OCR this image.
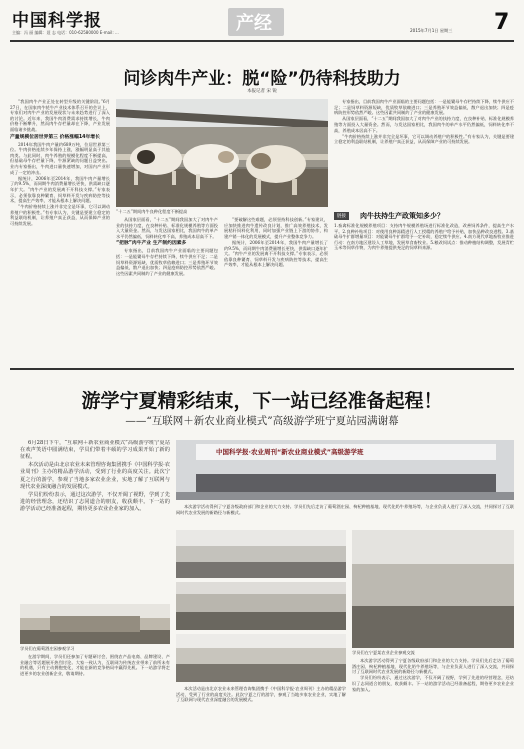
中国科学报
主编：冯 丽 编辑：聂 志 电话：010-62580000 E-mail: ...	产经	2015年7月1日 星期三 7
问诊肉牛产业：脱“险”仍待科技助力
本报记者 宋 锐

“我国肉牛产业正处在转型升级的关键阶段。”6月27日，在国家肉牛牦牛产业技术体系召开的会议上，专家们对肉牛产业的发展现状与未来趋势进行了深入的讨论。近年来，我国牛肉消费需求持续增长，牛肉价格不断攀升，然而肉牛存栏量却在下降，产业发展面临诸多挑战。

产量规模位居世界第三 价格涨幅14年增长

2014年我国牛肉产量约689万吨，位居世界第三位。牛肉价格连续多年保持上涨，涨幅明显高于其他肉类。与此同时，肉牛养殖的规模化程度不断提高，但基础母牛存栏量下降，牛源紧缺的问题日益突出。业内专家指出，牛肉进口量快速增加，对国内产业形成了一定的冲击。

据统计，2006年至2014年，我国牛肉产量增长了约9.5%，而同期牛肉消费量增长更快，供需缺口逐年扩大。“肉牛产业的发展离不开科技支撑。”专家表示，必须依靠良种繁育、饲草料开发与疾病防控等技术，提高生产效率，才能从根本上解决问题。

“牛肉价格持续上涨并非完全是坏事，它可以调动养殖户的积极性。”有专家认为，关键是要建立稳定的利益联结机制，让养殖户真正获益，从而保障产业的可持续发展。

“十二五”期间肉牛良种化程度不断提高

从国家层面看，“十二五”期间我国加大了对肉牛产业的扶持力度，在良种补贴、标准化规模养殖等方面投入大量资金。然而，与发达国家相比，我国肉牛的单产水平仍然偏低，饲料转化率不高，养殖成本居高不下。

“把脉”肉牛产业 生产制约因素多

专家指出，目前我国肉牛产业面临的主要问题包括：一是能繁母牛存栏持续下降，犊牛供应不足；二是饲草料资源短缺，优质牧草依赖进口；三是养殖环节效益偏低，散户退出加快；四是疫病防控形势依然严峻。这些因素共同制约了产业的健康发展。

“要破解这些难题，必须坚持科技创新。”专家建议，应加快推进肉牛遗传改良计划，推广高效养殖技术，发展秸秆饲料化利用，同时加强产业链上下游的协作，构建产销一体化的发展模式，提升产业整体竞争力。

据统计，2006年至2014年，我国牛肉产量增长了约9.5%，而同期牛肉消费量增长更快，供需缺口逐年扩大。“肉牛产业的发展离不开科技支撑。”专家表示，必须依靠良种繁育、饲草料开发与疾病防控等技术，提高生产效率，才能从根本上解决问题。

专家指出，目前我国肉牛产业面临的主要问题包括：一是能繁母牛存栏持续下降，犊牛供应不足；二是饲草料资源短缺，优质牧草依赖进口；三是养殖环节效益偏低，散户退出加快；四是疫病防控形势依然严峻。这些因素共同制约了产业的健康发展。

从国家层面看，“十二五”期间我国加大了对肉牛产业的扶持力度，在良种补贴、标准化规模养殖等方面投入大量资金。然而，与发达国家相比，我国肉牛的单产水平仍然偏低，饲料转化率不高，养殖成本居高不下。

“牛肉价格持续上涨并非完全是坏事，它可以调动养殖户的积极性。”有专家认为，关键是要建立稳定的利益联结机制，让养殖户真正获益，从而保障产业的可持续发展。

链接	肉牛扶持生产政策知多少？
1.畜禽标准化规模养殖项目：支持肉牛规模养殖场进行标准化改造，改善饲养条件，提高生产水平。2.良种补贴项目：对使用良种冻精进行人工授精的养殖户给予补贴，加快品种改良进程。3.基础母牛扩群增量项目：对能繁母牛扩群给予一定补助，稳定犊牛供应。4.南方现代草地畜牧业推进行动：在南方地区建设人工草地，发展草食畜牧业。5.粮改饲试点：推动种植结构调整，发展青贮玉米等饲草作物，为肉牛养殖提供充足的饲草料来源。
游学宁夏精彩结束，下一站已经准备起程！
——“互联网＋新农业商业模式”高级游学班宁夏站园满谢幕

6月28日下午，“互联网＋新农业商业模式”高级游学班宁夏站在欢声笑语中圆满结束，学员们带着丰硕的学习成果开始了新的征程。

本次活动是由北京农业未来管理咨询集团携手《中国科学报·农业周刊》主办的精品游学活动，受到了行业的高度关注。此次宁夏之行的游学，参观了当地多家农业企业，实地了解了互联网与现代农业深度融合的发展模式。

学员们纷纷表示，通过这次游学，不仅开阔了视野，学到了先进的经营理念，还结识了志同道合的朋友，收获颇丰。下一站的游学活动已经准备起程，期待更多农业企业家的加入。

中国科学报·农业周刊“新农业商业模式”高级游学班

本次游学活动得到了宁夏各级政府部门和企业的大力支持。学员们先后走访了葡萄酒庄园、枸杞种植基地、现代化奶牛养殖场等，与企业负责人进行了深入交流，共同探讨了互联网时代农业发展的新路径与新模式。

学员们在葡萄酒庄园参观学习

在游学期间，学员们还参加了专题研讨会，围绕农产品电商、品牌建设、产业融合等话题展开热烈讨论。大家一致认为，互联网为传统农业带来了前所未有的机遇，只有主动拥抱变化，才能在新的竞争格局中赢得先机。下一站游学将走进更多的农业创新企业，敬请期待。

学员们在宁夏某农业企业参观交流

本次游学活动得到了宁夏各级政府部门和企业的大力支持。学员们先后走访了葡萄酒庄园、枸杞种植基地、现代化奶牛养殖场等，与企业负责人进行了深入交流，共同探讨了互联网时代农业发展的新路径与新模式。

学员们纷纷表示，通过这次游学，不仅开阔了视野，学到了先进的经营理念，还结识了志同道合的朋友，收获颇丰。下一站的游学活动已经准备起程，期待更多农业企业家的加入。

本次活动是由北京农业未来管理咨询集团携手《中国科学报·农业周刊》主办的精品游学活动，受到了行业的高度关注。此次宁夏之行的游学，参观了当地多家农业企业，实地了解了互联网与现代农业深度融合的发展模式。
